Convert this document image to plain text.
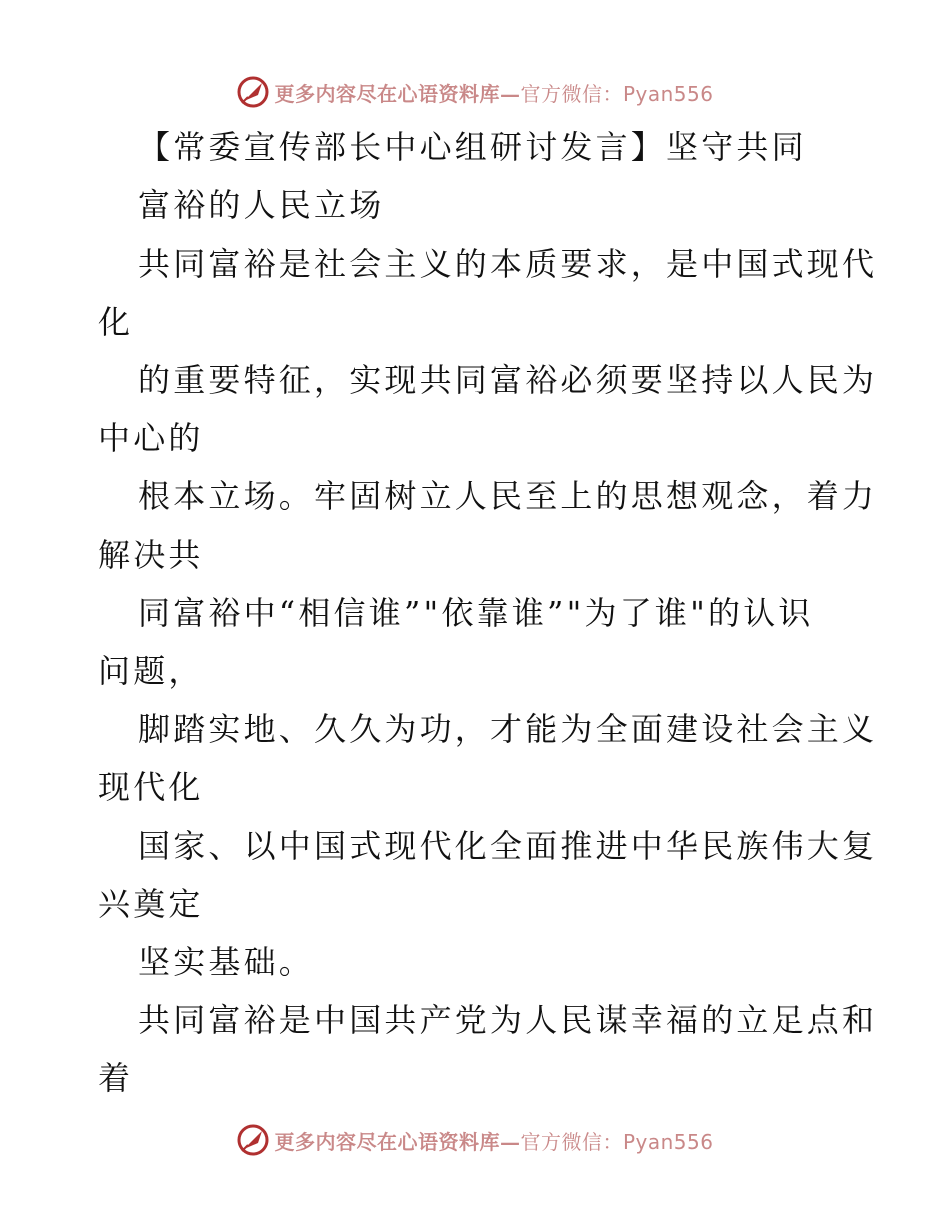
更多内容尽在心语资料库—官方微信：Pyan556
【常委宣传部长中心组研讨发言】坚守共同
富裕的人民立场
共同富裕是社会主义的本质要求，是中国式现代
化
的重要特征，实现共同富裕必须要坚持以人民为
中心的
根本立场。牢固树立人民至上的思想观念，着力
解决共
同富裕中“相信谁”"依靠谁”"为了谁"的认识
问题，
脚踏实地、久久为功，才能为全面建设社会主义
现代化
国家、以中国式现代化全面推进中华民族伟大复
兴奠定
坚实基础。
共同富裕是中国共产党为人民谋幸福的立足点和
着
更多内容尽在心语资料库—官方微信：Pyan556
